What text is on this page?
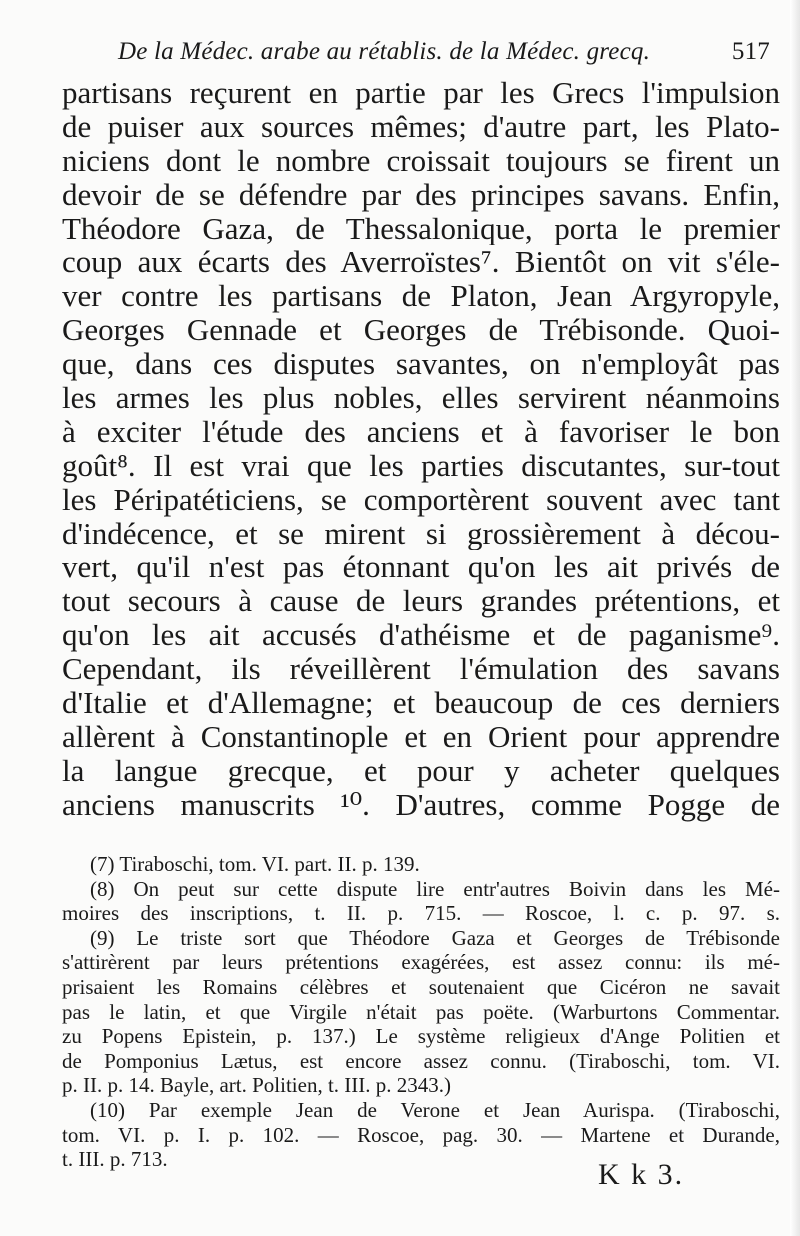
De la Médec. arabe au rétablis. de la Médec. grecq.	517
partisans reçurent en partie par les Grecs l'impulsion
de puiser aux sources mêmes; d'autre part, les Plato-
niciens dont le nombre croissait toujours se firent un
devoir de se défendre par des principes savans. Enfin,
Théodore Gaza, de Thessalonique, porta le premier
coup aux écarts des Averroïstes⁷. Bientôt on vit s'éle-
ver contre les partisans de Platon, Jean Argyropyle,
Georges Gennade et Georges de Trébisonde. Quoi-
que, dans ces disputes savantes, on n'employât pas
les armes les plus nobles, elles servirent néanmoins
à exciter l'étude des anciens et à favoriser le bon
goût⁸. Il est vrai que les parties discutantes, sur-tout
les Péripatéticiens, se comportèrent souvent avec tant
d'indécence, et se mirent si grossièrement à décou-
vert, qu'il n'est pas étonnant qu'on les ait privés de
tout secours à cause de leurs grandes prétentions, et
qu'on les ait accusés d'athéisme et de paganisme⁹.
Cependant, ils réveillèrent l'émulation des savans
d'Italie et d'Allemagne; et beaucoup de ces derniers
allèrent à Constantinople et en Orient pour apprendre
la langue grecque, et pour y acheter quelques
anciens manuscrits ¹⁰. D'autres, comme Pogge de
(7) Tiraboschi, tom. VI. part. II. p. 139.
(8) On peut sur cette dispute lire entr'autres Boivin dans les Mé-
moires des inscriptions, t. II. p. 715. — Roscoe, l. c. p. 97. s.
(9) Le triste sort que Théodore Gaza et Georges de Trébisonde
s'attirèrent par leurs prétentions exagérées, est assez connu: ils mé-
prisaient les Romains célèbres et soutenaient que Cicéron ne savait
pas le latin, et que Virgile n'était pas poëte. (Warburtons Commentar.
zu Popens Epistein, p. 137.) Le système religieux d'Ange Politien et
de Pomponius Lætus, est encore assez connu. (Tiraboschi, tom. VI.
p. II. p. 14. Bayle, art. Politien, t. III. p. 2343.)
(10) Par exemple Jean de Verone et Jean Aurispa. (Tiraboschi,
tom. VI. p. I. p. 102. — Roscoe, pag. 30. — Martene et Durande,
t. III. p. 713.	K k 3.
